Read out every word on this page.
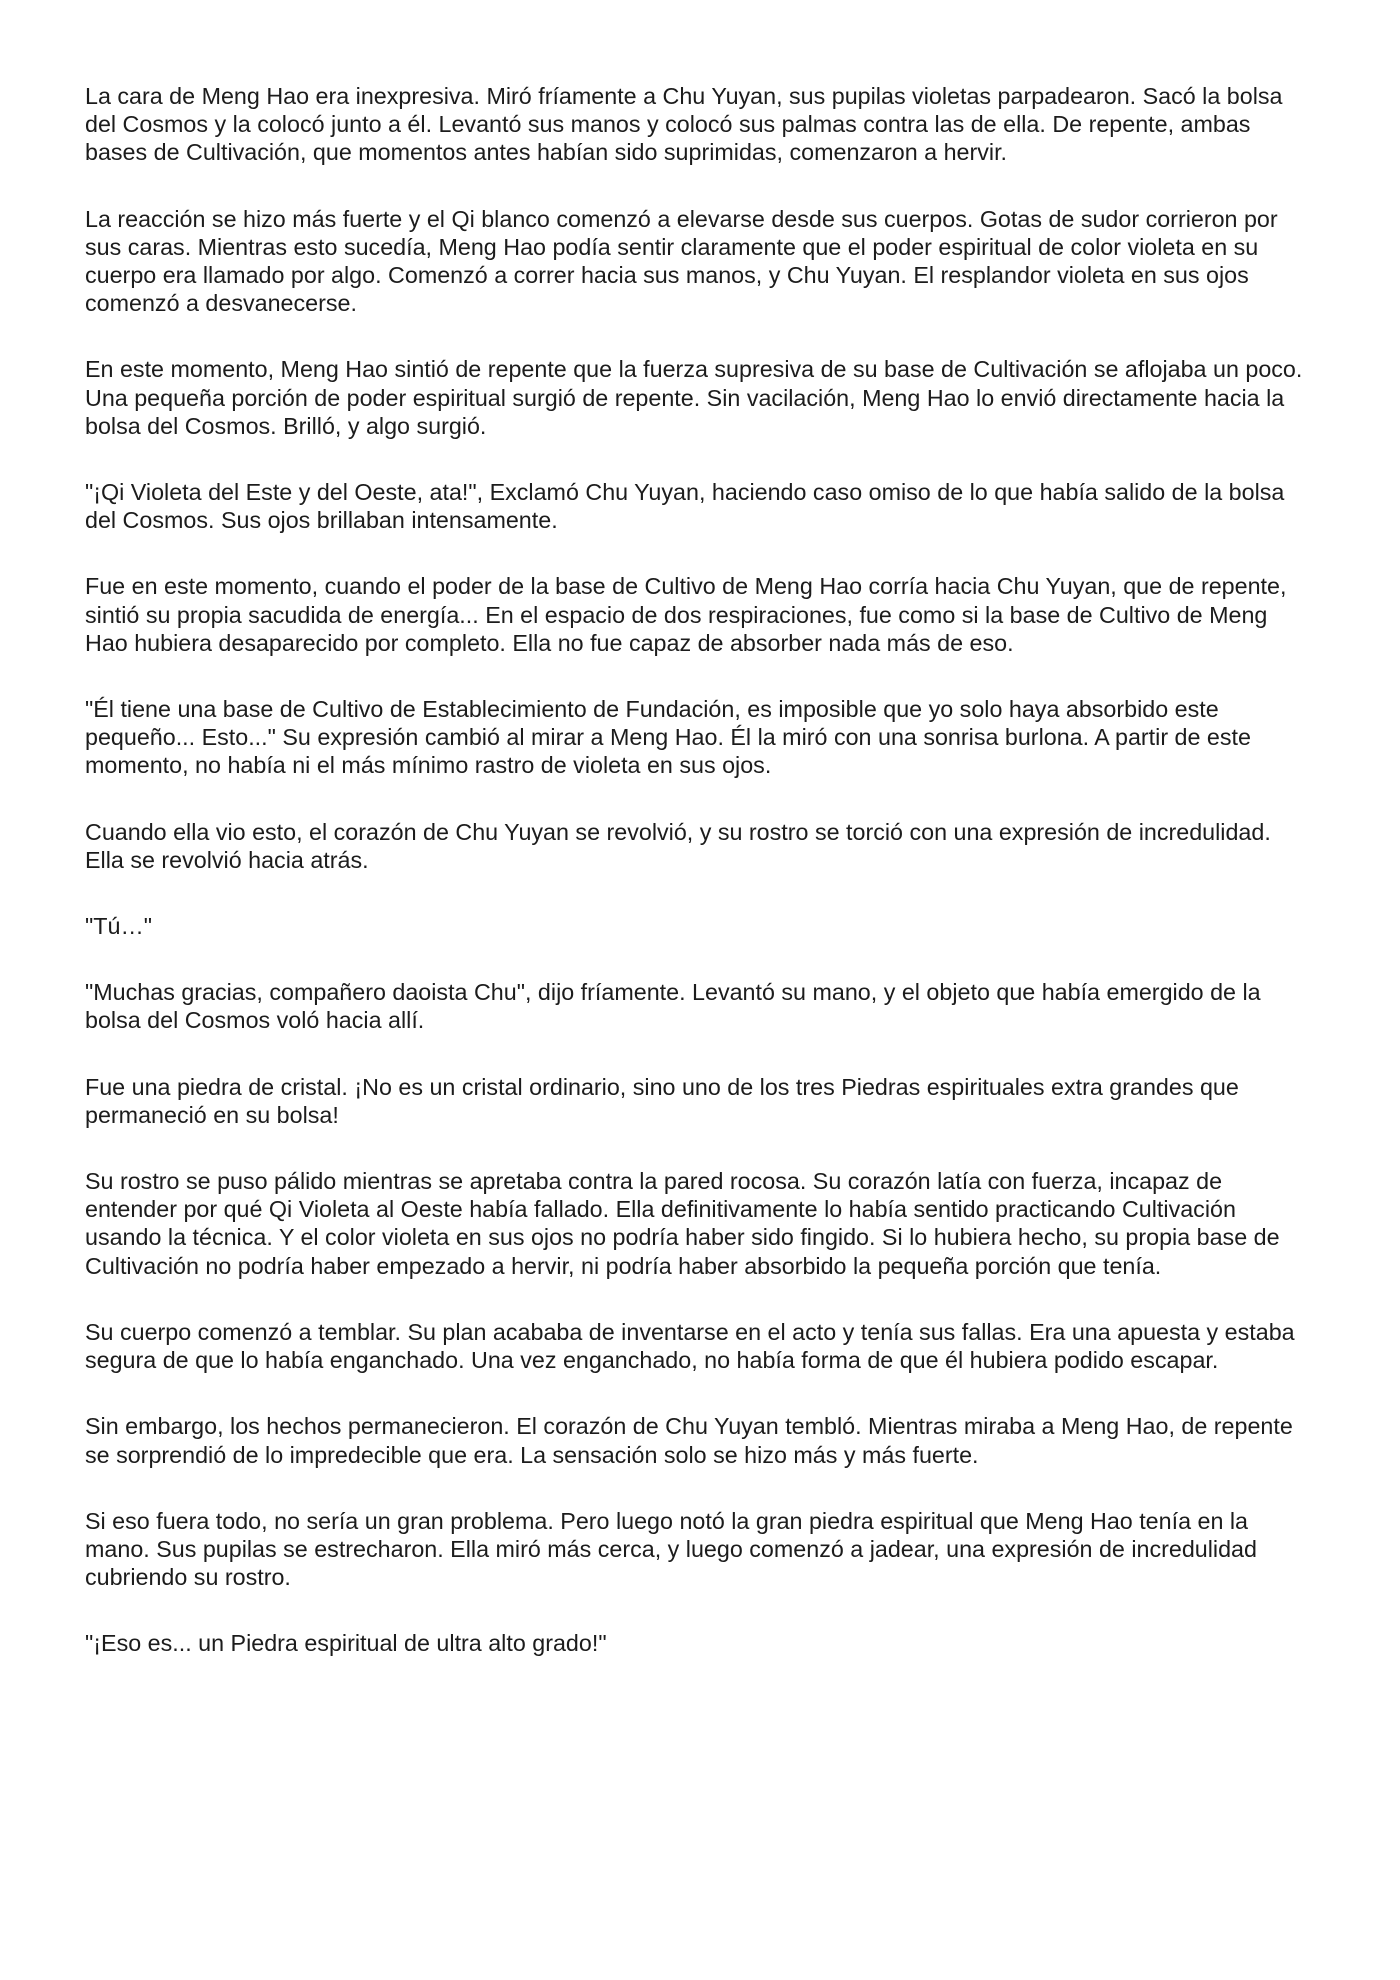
La cara de Meng Hao era inexpresiva. Miró fríamente a Chu Yuyan, sus pupilas violetas parpadearon. Sacó la bolsa del Cosmos y la colocó junto a él. Levantó sus manos y colocó sus palmas contra las de ella. De repente, ambas bases de Cultivación, que momentos antes habían sido suprimidas, comenzaron a hervir.

La reacción se hizo más fuerte y el Qi blanco comenzó a elevarse desde sus cuerpos. Gotas de sudor corrieron por sus caras. Mientras esto sucedía, Meng Hao podía sentir claramente que el poder espiritual de color violeta en su cuerpo era llamado por algo. Comenzó a correr hacia sus manos, y Chu Yuyan. El resplandor violeta en sus ojos comenzó a desvanecerse.

En este momento, Meng Hao sintió de repente que la fuerza supresiva de su base de Cultivación se aflojaba un poco. Una pequeña porción de poder espiritual surgió de repente. Sin vacilación, Meng Hao lo envió directamente hacia la bolsa del Cosmos. Brilló, y algo surgió.

"¡Qi Violeta del Este y del Oeste, ata!", Exclamó Chu Yuyan, haciendo caso omiso de lo que había salido de la bolsa del Cosmos. Sus ojos brillaban intensamente.

Fue en este momento, cuando el poder de la base de Cultivo de Meng Hao corría hacia Chu Yuyan, que de repente, sintió su propia sacudida de energía... En el espacio de dos respiraciones, fue como si la base de Cultivo de Meng Hao hubiera desaparecido por completo. Ella no fue capaz de absorber nada más de eso.

"Él tiene una base de Cultivo de Establecimiento de Fundación, es imposible que yo solo haya absorbido este pequeño... Esto..." Su expresión cambió al mirar a Meng Hao. Él la miró con una sonrisa burlona. A partir de este momento, no había ni el más mínimo rastro de violeta en sus ojos.

Cuando ella vio esto, el corazón de Chu Yuyan se revolvió, y su rostro se torció con una expresión de incredulidad. Ella se revolvió hacia atrás.

"Tú…"

"Muchas gracias, compañero daoista Chu", dijo fríamente. Levantó su mano, y el objeto que había emergido de la bolsa del Cosmos voló hacia allí.

Fue una piedra de cristal. ¡No es un cristal ordinario, sino uno de los tres Piedras espirituales extra grandes que permaneció en su bolsa!

Su rostro se puso pálido mientras se apretaba contra la pared rocosa. Su corazón latía con fuerza, incapaz de entender por qué Qi Violeta al Oeste había fallado. Ella definitivamente lo había sentido practicando Cultivación usando la técnica. Y el color violeta en sus ojos no podría haber sido fingido. Si lo hubiera hecho, su propia base de Cultivación no podría haber empezado a hervir, ni podría haber absorbido la pequeña porción que tenía.

Su cuerpo comenzó a temblar. Su plan acababa de inventarse en el acto y tenía sus fallas. Era una apuesta y estaba segura de que lo había enganchado. Una vez enganchado, no había forma de que él hubiera podido escapar.

Sin embargo, los hechos permanecieron. El corazón de Chu Yuyan tembló. Mientras miraba a Meng Hao, de repente se sorprendió de lo impredecible que era. La sensación solo se hizo más y más fuerte.

Si eso fuera todo, no sería un gran problema. Pero luego notó la gran piedra espiritual que Meng Hao tenía en la mano. Sus pupilas se estrecharon. Ella miró más cerca, y luego comenzó a jadear, una expresión de incredulidad cubriendo su rostro.

"¡Eso es... un Piedra espiritual de ultra alto grado!"
